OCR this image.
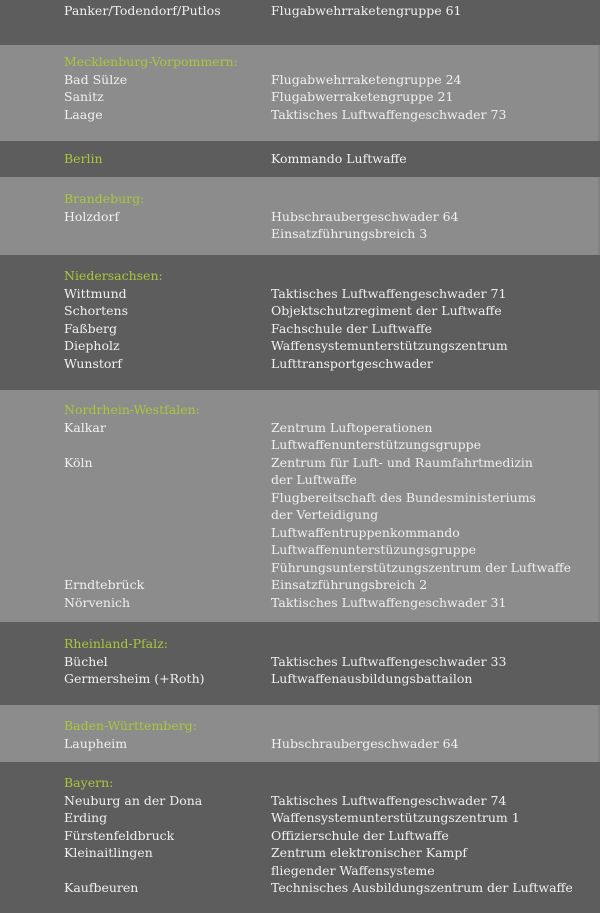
Panker/Todendorf/Putlos	Flugabwehrraketengruppe 61
Mecklenburg-Vorpommern:
Bad Sülze	Flugabwehrraketengruppe 24
Sanitz	Flugabwerraketengruppe 21
Laage	Taktisches Luftwaffengeschwader 73
Berlin	Kommando Luftwaffe
Brandeburg:
Holzdorf	Hubschraubergeschwader 64
Einsatzführungsbreich 3
Niedersachsen:
Wittmund	Taktisches Luftwaffengeschwader 71
Schortens	Objektschutzregiment der Luftwaffe
Faßberg	Fachschule der Luftwaffe
Diepholz	Waffensystemunterstützungszentrum
Wunstorf	Lufttransportgeschwader
Nordrhein-Westfalen:
Kalkar	Zentrum Luftoperationen
Luftwaffenunterstützungsgruppe
Köln	Zentrum für Luft- und Raumfahrtmedizin
der Luftwaffe
Flugbereitschaft des Bundesministeriums
der Verteidigung
Luftwaffentruppenkommando
Luftwaffenunterstüzungsgruppe
Führungsunterstützungszentrum der Luftwaffe
Erndtebrück	Einsatzführungsbreich 2
Nörvenich	Taktisches Luftwaffengeschwader 31
Rheinland-Pfalz:
Büchel	Taktisches Luftwaffengeschwader 33
Germersheim (+Roth)	Luftwaffenausbildungsbattailon
Baden-Württemberg:
Laupheim	Hubschraubergeschwader 64
Bayern:
Neuburg an der Dona	Taktisches Luftwaffengeschwader 74
Erding	Waffensystemunterstützungszentrum 1
Fürstenfeldbruck	Offizierschule der Luftwaffe
Kleinaitlingen	Zentrum elektronischer Kampf
fliegender Waffensysteme
Kaufbeuren	Technisches Ausbildungszentrum der Luftwaffe
